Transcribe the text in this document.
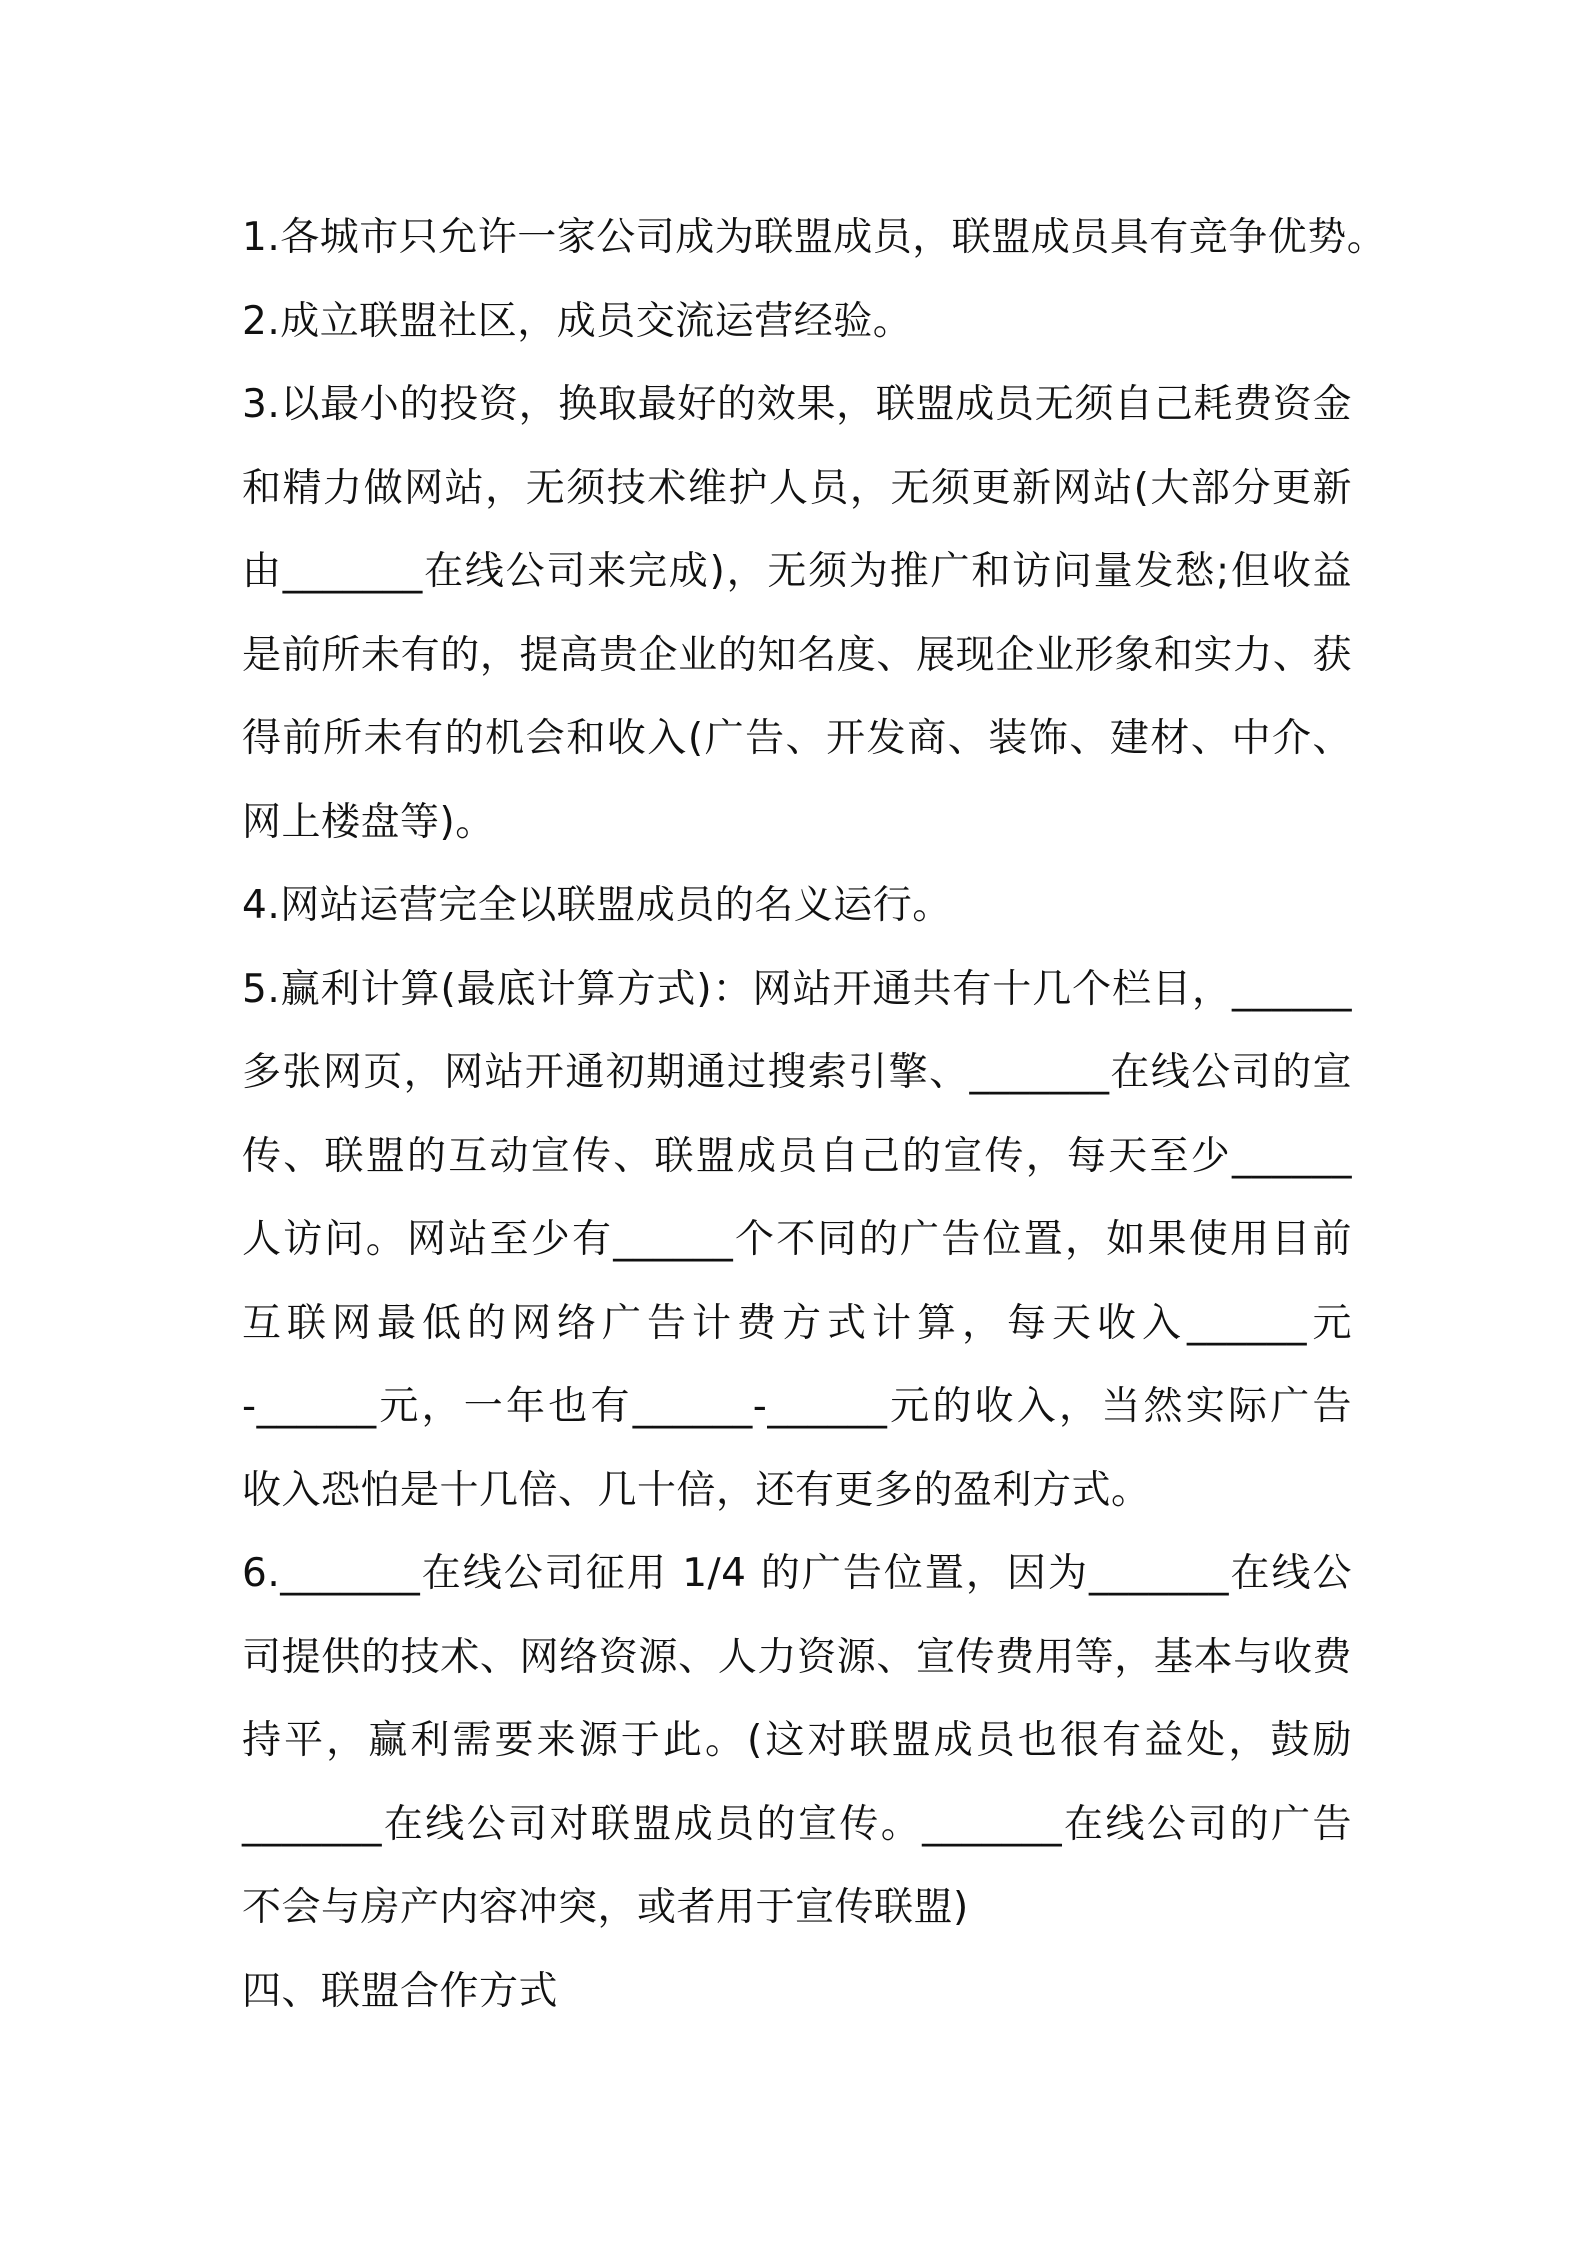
1.各城市只允许一家公司成为联盟成员，联盟成员具有竞争优势。
2.成立联盟社区，成员交流运营经验。
3.以最小的投资，换取最好的效果，联盟成员无须自己耗费资金
和精力做网站，无须技术维护人员，无须更新网站(大部分更新
由_______在线公司来完成)，无须为推广和访问量发愁;但收益
是前所未有的，提高贵企业的知名度、展现企业形象和实力、获
得前所未有的机会和收入(广告、开发商、装饰、建材、中介、
网上楼盘等)。
4.网站运营完全以联盟成员的名义运行。
5.赢利计算(最底计算方式)：网站开通共有十几个栏目，______
多张网页，网站开通初期通过搜索引擎、_______在线公司的宣
传、联盟的互动宣传、联盟成员自己的宣传，每天至少______
人访问。网站至少有______个不同的广告位置，如果使用目前
互联网最低的网络广告计费方式计算，每天收入______元
-______元，一年也有______-______元的收入，当然实际广告
收入恐怕是十几倍、几十倍，还有更多的盈利方式。
6._______在线公司征用 1/4 的广告位置，因为_______在线公
司提供的技术、网络资源、人力资源、宣传费用等，基本与收费
持平，赢利需要来源于此。(这对联盟成员也很有益处，鼓励
_______在线公司对联盟成员的宣传。_______在线公司的广告
不会与房产内容冲突，或者用于宣传联盟)
四、联盟合作方式
